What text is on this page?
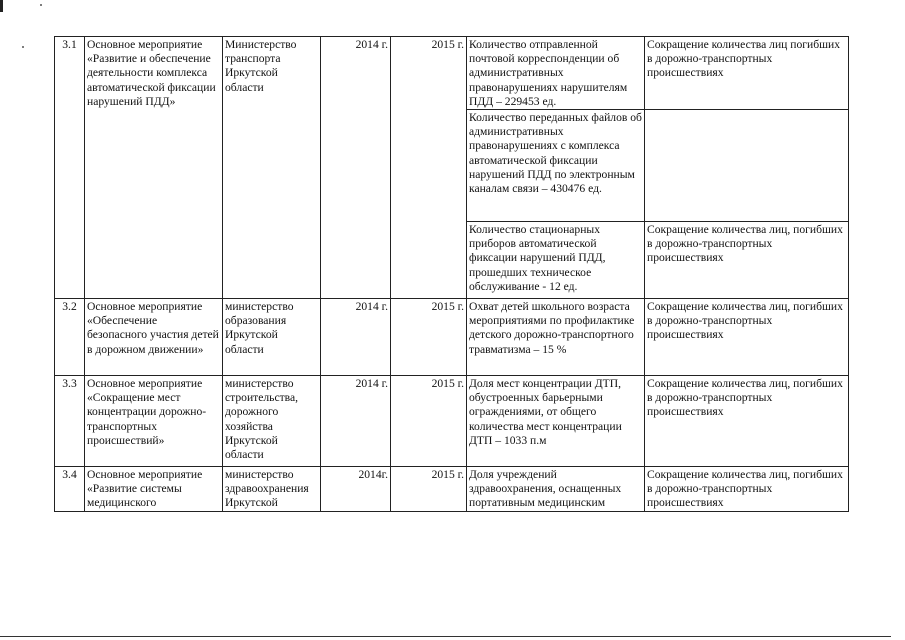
3.1	Основное мероприятие «Развитие и обеспечение деятельности комплекса автоматической фиксации нарушений ПДД»	Министерство транспорта Иркутской области	2014 г.	2015 г.	Количество отправленной почтовой корреспонденции об административных правонарушениях нарушителям ПДД – 229453 ед.	Сокращение количества лиц погибших в дорожно-транспортных происшествиях
					Количество переданных файлов об административных правонарушениях с комплекса автоматической фиксации нарушений ПДД по электронным каналам связи – 430476 ед.	
					Количество стационарных приборов автоматической фиксации нарушений ПДД, прошедших техническое обслуживание - 12 ед.	Сокращение количества лиц, погибших в дорожно-транспортных происшествиях
3.2	Основное мероприятие «Обеспечение безопасного участия детей в дорожном движении»	министерство образования Иркутской области	2014 г.	2015 г.	Охват детей школьного возраста мероприятиями по профилактике детского дорожно-транспортного травматизма – 15 %	Сокращение количества лиц, погибших в дорожно-транспортных происшествиях
3.3	Основное мероприятие «Сокращение мест концентрации дорожно-транспортных происшествий»	министерство строительства, дорожного хозяйства Иркутской области	2014 г.	2015 г.	Доля мест концентрации ДТП, обустроенных барьерными ограждениями, от общего количества мест концентрации ДТП – 1033 п.м	Сокращение количества лиц, погибших в дорожно-транспортных происшествиях
3.4	Основное мероприятие «Развитие системы медицинского	министерство здравоохранения Иркутской	2014г.	2015 г.	Доля учреждений здравоохранения, оснащенных портативным медицинским	Сокращение количества лиц, погибших в дорожно-транспортных происшествиях
